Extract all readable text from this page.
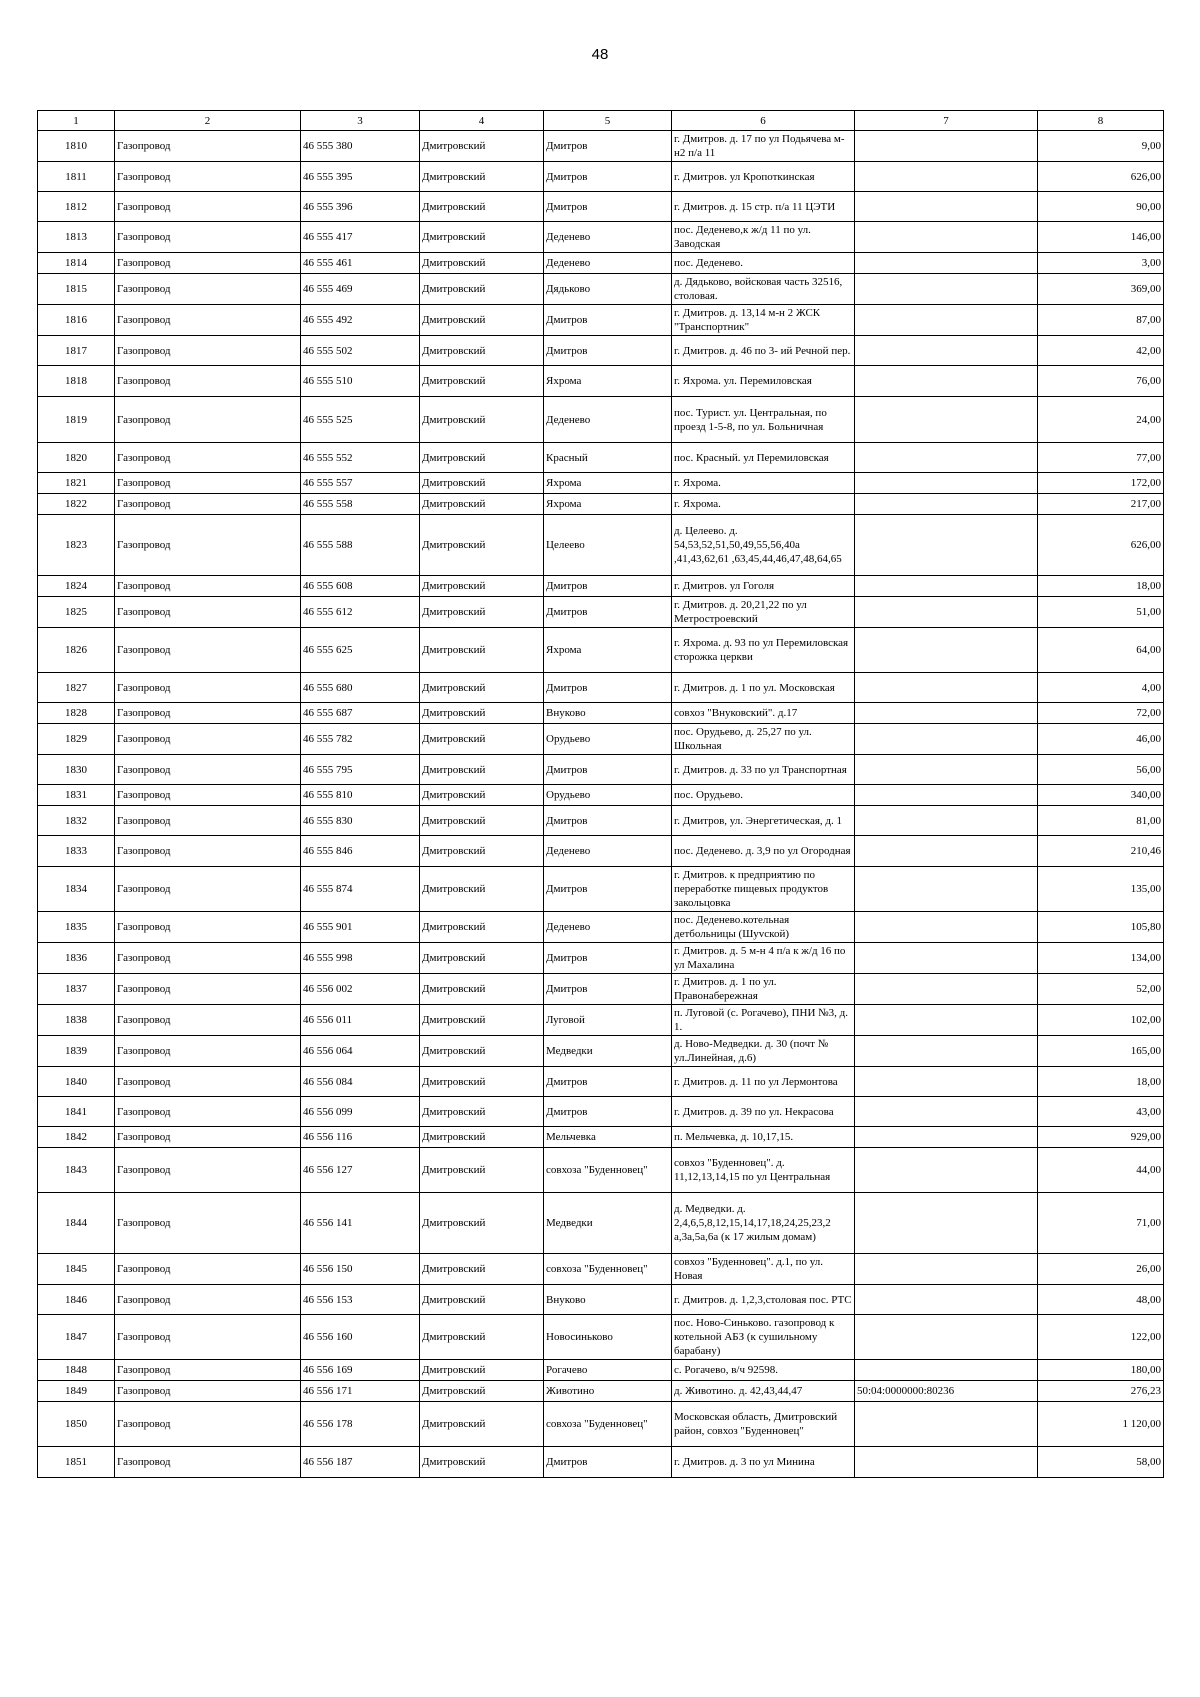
48
1	2	3	4	5	6	7	8
1810	Газопровод	46 555 380	Дмитровский	Дмитров	г. Дмитров. д. 17 по ул Подьячева м-н2 п/а 11		9,00
1811	Газопровод	46 555 395	Дмитровский	Дмитров	г. Дмитров. ул Кропоткинская		626,00
1812	Газопровод	46 555 396	Дмитровский	Дмитров	г. Дмитров. д. 15 стр. п/а 11 ЦЭТИ		90,00
1813	Газопровод	46 555 417	Дмитровский	Деденево	пос. Деденево,к ж/д 11 по ул. Заводская		146,00
1814	Газопровод	46 555 461	Дмитровский	Деденево	пос. Деденево.		3,00
1815	Газопровод	46 555 469	Дмитровский	Дядьково	д. Дядьково, войсковая часть 32516, столовая.		369,00
1816	Газопровод	46 555 492	Дмитровский	Дмитров	г. Дмитров. д. 13,14 м-н 2 ЖСК "Транспортник"		87,00
1817	Газопровод	46 555 502	Дмитровский	Дмитров	г. Дмитров. д. 46 по 3- ий Речной пер.		42,00
1818	Газопровод	46 555 510	Дмитровский	Яхрома	г. Яхрома. ул. Перемиловская		76,00
1819	Газопровод	46 555 525	Дмитровский	Деденево	пос. Турист. ул. Центральная, по проезд 1-5-8, по ул. Больничная		24,00
1820	Газопровод	46 555 552	Дмитровский	Красный	пос. Красный. ул Перемиловская		77,00
1821	Газопровод	46 555 557	Дмитровский	Яхрома	г. Яхрома.		172,00
1822	Газопровод	46 555 558	Дмитровский	Яхрома	г. Яхрома.		217,00
1823	Газопровод	46 555 588	Дмитровский	Целеево	д. Целеево. д. 54,53,52,51,50,49,55,56,40а ,41,43,62,61 ,63,45,44,46,47,48,64,65		626,00
1824	Газопровод	46 555 608	Дмитровский	Дмитров	г. Дмитров. ул Гоголя		18,00
1825	Газопровод	46 555 612	Дмитровский	Дмитров	г. Дмитров. д. 20,21,22 по ул Метростроевский		51,00
1826	Газопровод	46 555 625	Дмитровский	Яхрома	г. Яхрома. д. 93 по ул Перемиловская сторожка церкви		64,00
1827	Газопровод	46 555 680	Дмитровский	Дмитров	г. Дмитров. д. 1 по ул. Московская		4,00
1828	Газопровод	46 555 687	Дмитровский	Внуково	совхоз "Внуковский". д.17		72,00
1829	Газопровод	46 555 782	Дмитровский	Орудьево	пос. Орудьево, д. 25,27 по ул. Школьная		46,00
1830	Газопровод	46 555 795	Дмитровский	Дмитров	г. Дмитров. д. 33 по ул Транспортная		56,00
1831	Газопровод	46 555 810	Дмитровский	Орудьево	пос. Орудьево.		340,00
1832	Газопровод	46 555 830	Дмитровский	Дмитров	г. Дмитров, ул. Энергетическая, д. 1		81,00
1833	Газопровод	46 555 846	Дмитровский	Деденево	пос. Деденево. д. 3,9 по ул Огородная		210,46
1834	Газопровод	46 555 874	Дмитровский	Дмитров	г. Дмитров. к предприятию по переработке пищевых продуктов закольцовка		135,00
1835	Газопровод	46 555 901	Дмитровский	Деденево	пос. Деденево.котельная детбольницы (Шуvской)		105,80
1836	Газопровод	46 555 998	Дмитровский	Дмитров	г. Дмитров. д. 5 м-н 4 п/а к ж/д 16 по ул Махалина		134,00
1837	Газопровод	46 556 002	Дмитровский	Дмитров	г. Дмитров. д. 1 по ул. Правонабережная		52,00
1838	Газопровод	46 556 011	Дмитровский	Луговой	п. Луговой (с. Рогачево), ПНИ №3, д. 1.		102,00
1839	Газопровод	46 556 064	Дмитровский	Медведки	д. Ново-Медведки. д. 30 (почт № ул.Линейная, д.6)		165,00
1840	Газопровод	46 556 084	Дмитровский	Дмитров	г. Дмитров. д. 11 по ул Лермонтова		18,00
1841	Газопровод	46 556 099	Дмитровский	Дмитров	г. Дмитров. д. 39 по ул. Некрасова		43,00
1842	Газопровод	46 556 116	Дмитровский	Мельчевка	п. Мельчевка, д. 10,17,15.		929,00
1843	Газопровод	46 556 127	Дмитровский	совхоза "Буденновец"	совхоз "Буденновец". д. 11,12,13,14,15 по ул Центральная		44,00
1844	Газопровод	46 556 141	Дмитровский	Медведки	д. Медведки. д. 2,4,6,5,8,12,15,14,17,18,24,25,23,2 а,3а,5а,6а (к 17 жилым домам)		71,00
1845	Газопровод	46 556 150	Дмитровский	совхоза "Буденновец"	совхоз "Буденновец". д.1, по ул. Новая		26,00
1846	Газопровод	46 556 153	Дмитровский	Внуково	г. Дмитров. д. 1,2,3,столовая пос. РТС		48,00
1847	Газопровод	46 556 160	Дмитровский	Новосиньково	пос. Ново-Синьково. газопровод к котельной АБЗ (к сушильному барабану)		122,00
1848	Газопровод	46 556 169	Дмитровский	Рогачево	с. Рогачево, в/ч 92598.		180,00
1849	Газопровод	46 556 171	Дмитровский	Животино	д. Животино. д. 42,43,44,47	50:04:0000000:80236	276,23
1850	Газопровод	46 556 178	Дмитровский	совхоза "Буденновец"	Московская область, Дмитровский район, совхоз "Буденновец"		1 120,00
1851	Газопровод	46 556 187	Дмитровский	Дмитров	г. Дмитров. д. 3 по ул Минина		58,00
